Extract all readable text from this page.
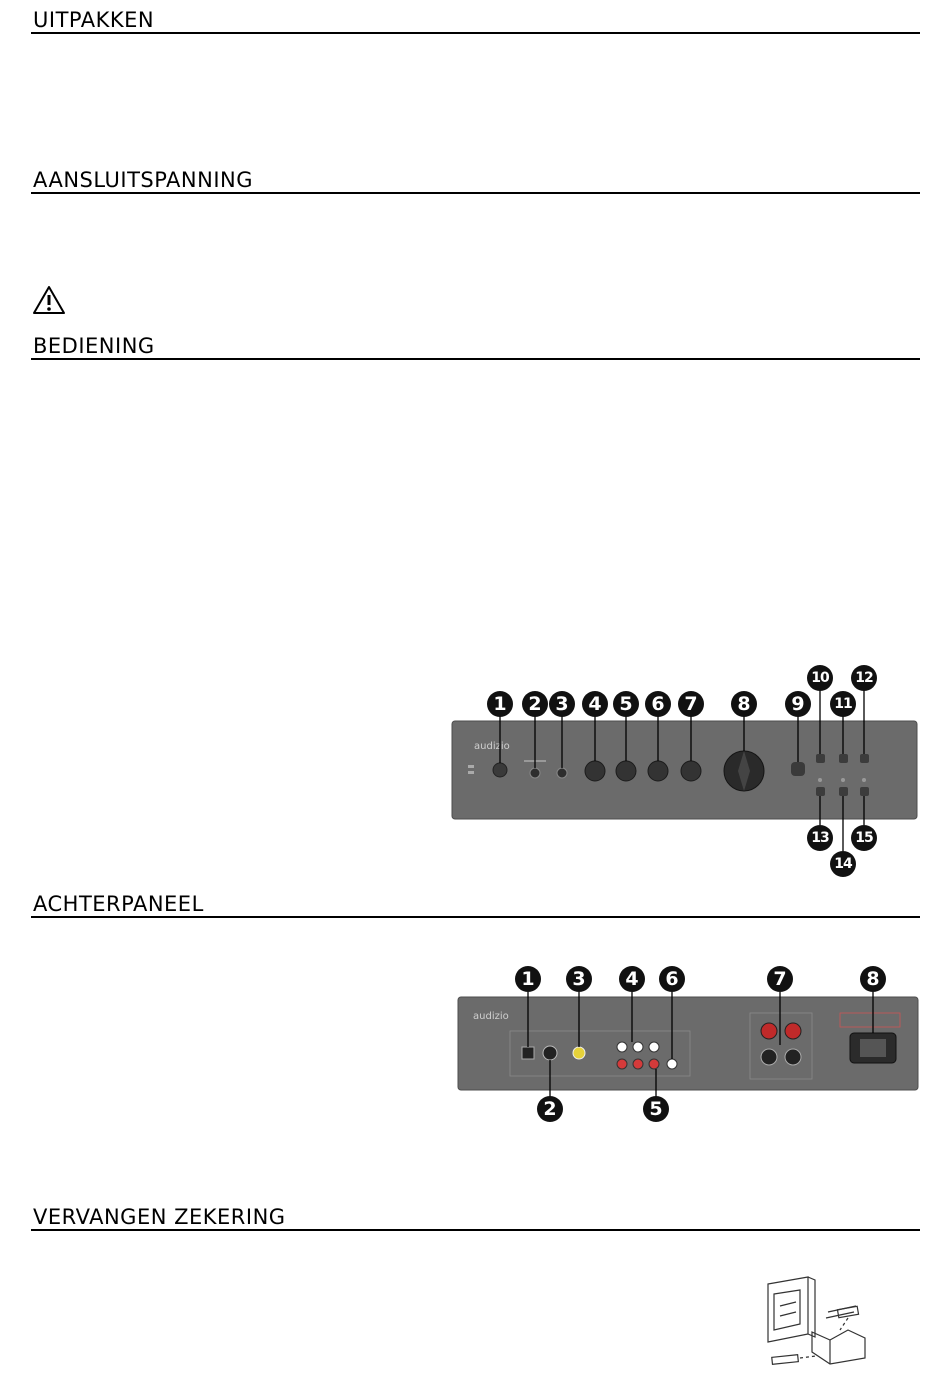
UITPAKKEN
AANSLUITSPANNING
BEDIENING
audizio
1	2 3	4 5 6	7	8	9
10
11
12
13
14
15
ACHTERPANEEL
audizio
1
2
3	4
5
6	7	8
VERVANGEN ZEKERING
